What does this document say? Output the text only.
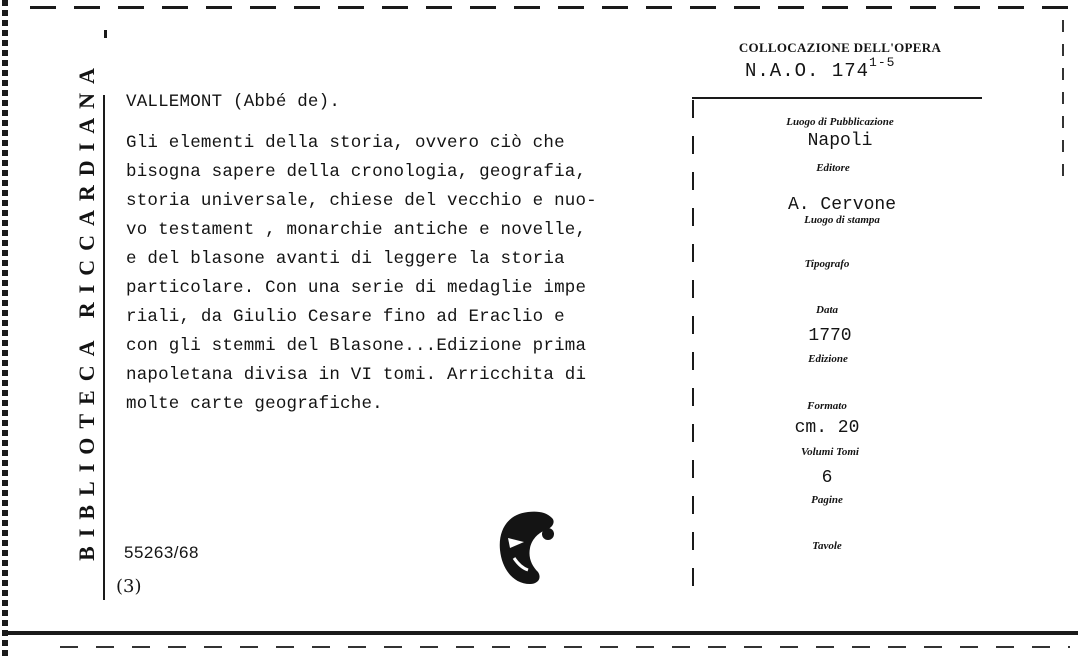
BIBLIOTECA RICCARDIANA VALLEMONT (Abbé de).
Gli elementi della storia, ovvero ciò che
bisogna sapere della cronologia, geografia,
storia universale, chiese del vecchio e nuo-
vo testament , monarchie antiche e novelle,
e del blasone avanti di leggere la storia
particolare. Con una serie di medaglie impe
riali, da Giulio Cesare fino ad Eraclio e
con gli stemmi del Blasone...Edizione prima
napoletana divisa in VI tomi. Arricchita di
molte carte geografiche.
55263/68
(3)
COLLOCAZIONE DELL'OPERA
N.A.O. 174$^{1-5}$
Luogo di Pubblicazione
Napoli
Editore
A. Cervone
Luogo di stampa
Tipografo
Data
1770
Edizione
Formato
cm. 20
Volumi Tomi
6
Pagine
Tavole
